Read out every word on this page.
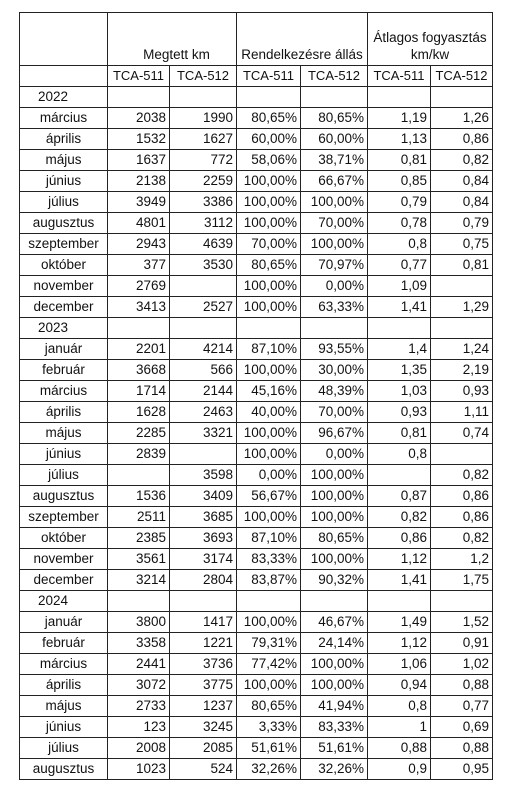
	Megtett km		Rendelkezésre állás		Átlagos fogyasztás
km/kw	
	TCA-511	TCA-512	TCA-511	TCA-512	TCA-511	TCA-512
2022						
március	2038	1990	80,65%	80,65%	1,19	1,26
április	1532	1627	60,00%	60,00%	1,13	0,86
május	1637	772	58,06%	38,71%	0,81	0,82
június	2138	2259	100,00%	66,67%	0,85	0,84
július	3949	3386	100,00%	100,00%	0,79	0,84
augusztus	4801	3112	100,00%	70,00%	0,78	0,79
szeptember	2943	4639	70,00%	100,00%	0,8	0,75
október	377	3530	80,65%	70,97%	0,77	0,81
november	2769		100,00%	0,00%	1,09	
december	3413	2527	100,00%	63,33%	1,41	1,29
2023						
január	2201	4214	87,10%	93,55%	1,4	1,24
február	3668	566	100,00%	30,00%	1,35	2,19
március	1714	2144	45,16%	48,39%	1,03	0,93
április	1628	2463	40,00%	70,00%	0,93	1,11
május	2285	3321	100,00%	96,67%	0,81	0,74
június	2839		100,00%	0,00%	0,8	
július		3598	0,00%	100,00%		0,82
augusztus	1536	3409	56,67%	100,00%	0,87	0,86
szeptember	2511	3685	100,00%	100,00%	0,82	0,86
október	2385	3693	87,10%	80,65%	0,86	0,82
november	3561	3174	83,33%	100,00%	1,12	1,2
december	3214	2804	83,87%	90,32%	1,41	1,75
2024						
január	3800	1417	100,00%	46,67%	1,49	1,52
február	3358	1221	79,31%	24,14%	1,12	0,91
március	2441	3736	77,42%	100,00%	1,06	1,02
április	3072	3775	100,00%	100,00%	0,94	0,88
május	2733	1237	80,65%	41,94%	0,8	0,77
június	123	3245	3,33%	83,33%	1	0,69
július	2008	2085	51,61%	51,61%	0,88	0,88
augusztus	1023	524	32,26%	32,26%	0,9	0,95
